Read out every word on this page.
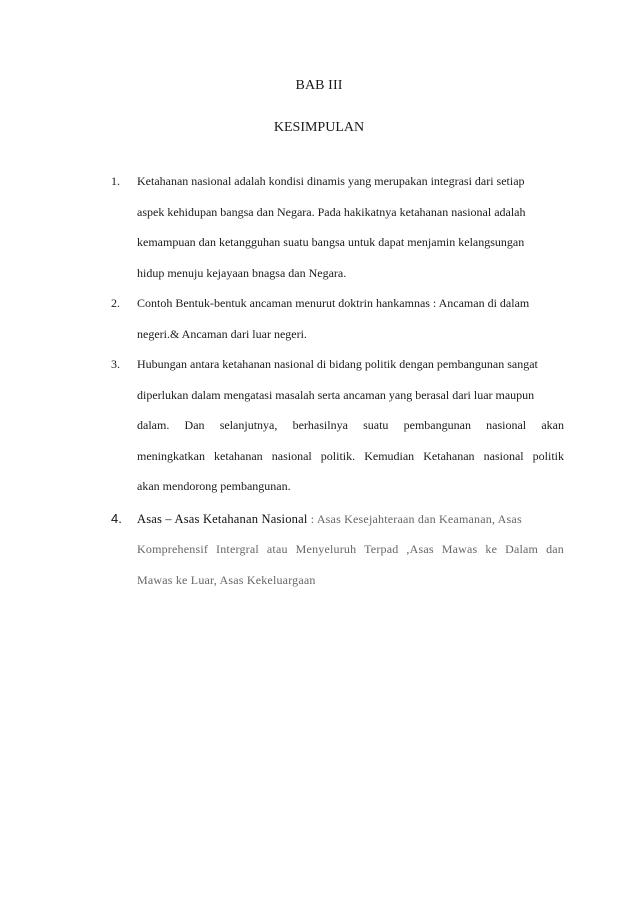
BAB III
KESIMPULAN
1. Ketahanan nasional adalah kondisi dinamis yang merupakan integrasi dari setiap
aspek kehidupan bangsa dan Negara. Pada hakikatnya ketahanan nasional adalah
kemampuan dan ketangguhan suatu bangsa untuk dapat menjamin kelangsungan
hidup menuju kejayaan bnagsa dan Negara.
2. Contoh Bentuk-bentuk ancaman menurut doktrin hankamnas : Ancaman di dalam
negeri.& Ancaman dari luar negeri.
3. Hubungan antara ketahanan nasional di bidang politik dengan pembangunan sangat
diperlukan dalam mengatasi masalah serta ancaman yang berasal dari luar maupun
dalam. Dan selanjutnya, berhasilnya suatu pembangunan nasional akan
meningkatkan ketahanan nasional politik. Kemudian Ketahanan nasional politik
akan mendorong pembangunan.
4. Asas – Asas Ketahanan Nasional : Asas Kesejahteraan dan Keamanan, Asas
Komprehensif Intergral atau Menyeluruh Terpad ,Asas Mawas ke Dalam dan
Mawas ke Luar, Asas Kekeluargaan
